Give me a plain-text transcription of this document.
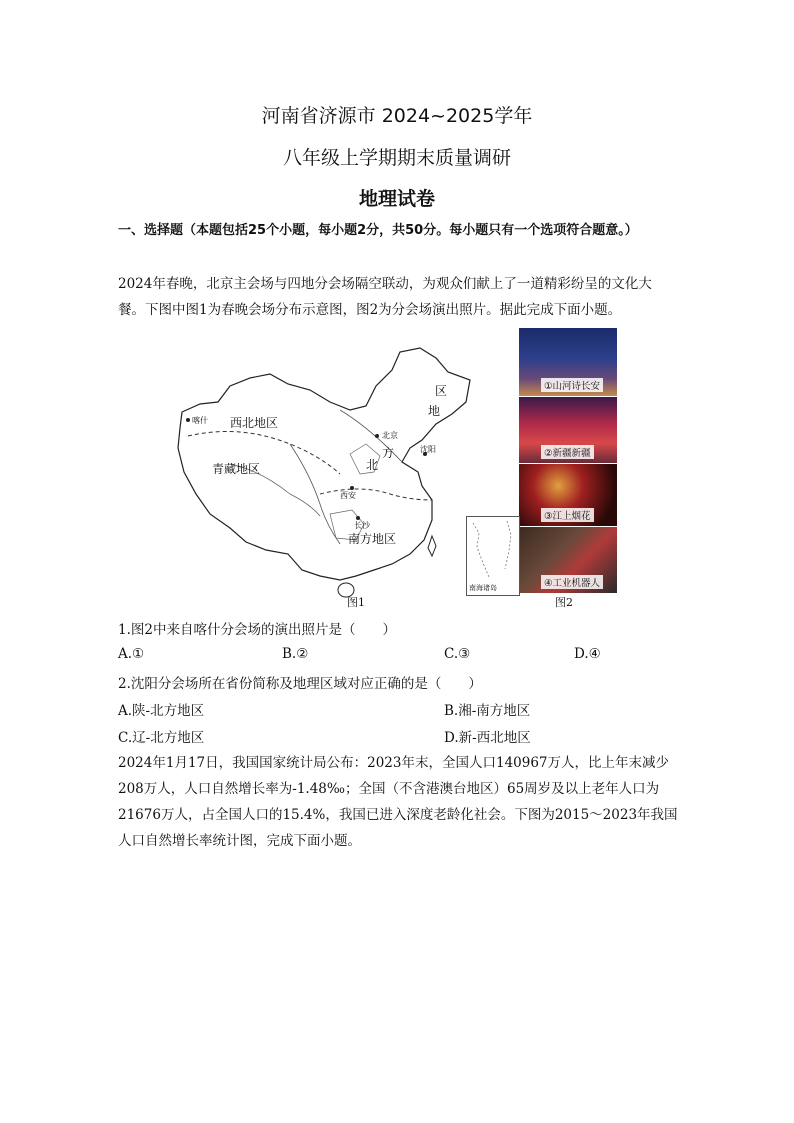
河南省济源市 2024~2025学年
八年级上学期期末质量调研
地理试卷
一、选择题（本题包括25个小题，每小题2分，共50分。每小题只有一个选项符合题意。）
2024年春晚，北京主会场与四地分会场隔空联动，为观众们献上了一道精彩纷呈的文化大餐。下图中图1为春晚会场分布示意图，图2为分会场演出照片。据此完成下面小题。
喀什 西北地区
青藏地区
区
地
沈阳
北京
方
北
西安
长沙
南方地区
图1
①山河诗长安
②新疆新疆
③江上烟花
④工业机器人
南海诸岛
图2
1.图2中来自喀什分会场的演出照片是（　　）
A.①	B.②	C.③	D.④
2.沈阳分会场所在省份简称及地理区域对应正确的是（　　）
A.陕-北方地区	B.湘-南方地区
C.辽-北方地区	D.新-西北地区
2024年1月17日，我国国家统计局公布：2023年末，全国人口140967万人，比上年末减少208万人，人口自然增长率为-1.48‰；全国（不含港澳台地区）65周岁及以上老年人口为21676万人，占全国人口的15.4%，我国已进入深度老龄化社会。下图为2015～2023年我国人口自然增长率统计图，完成下面小题。
